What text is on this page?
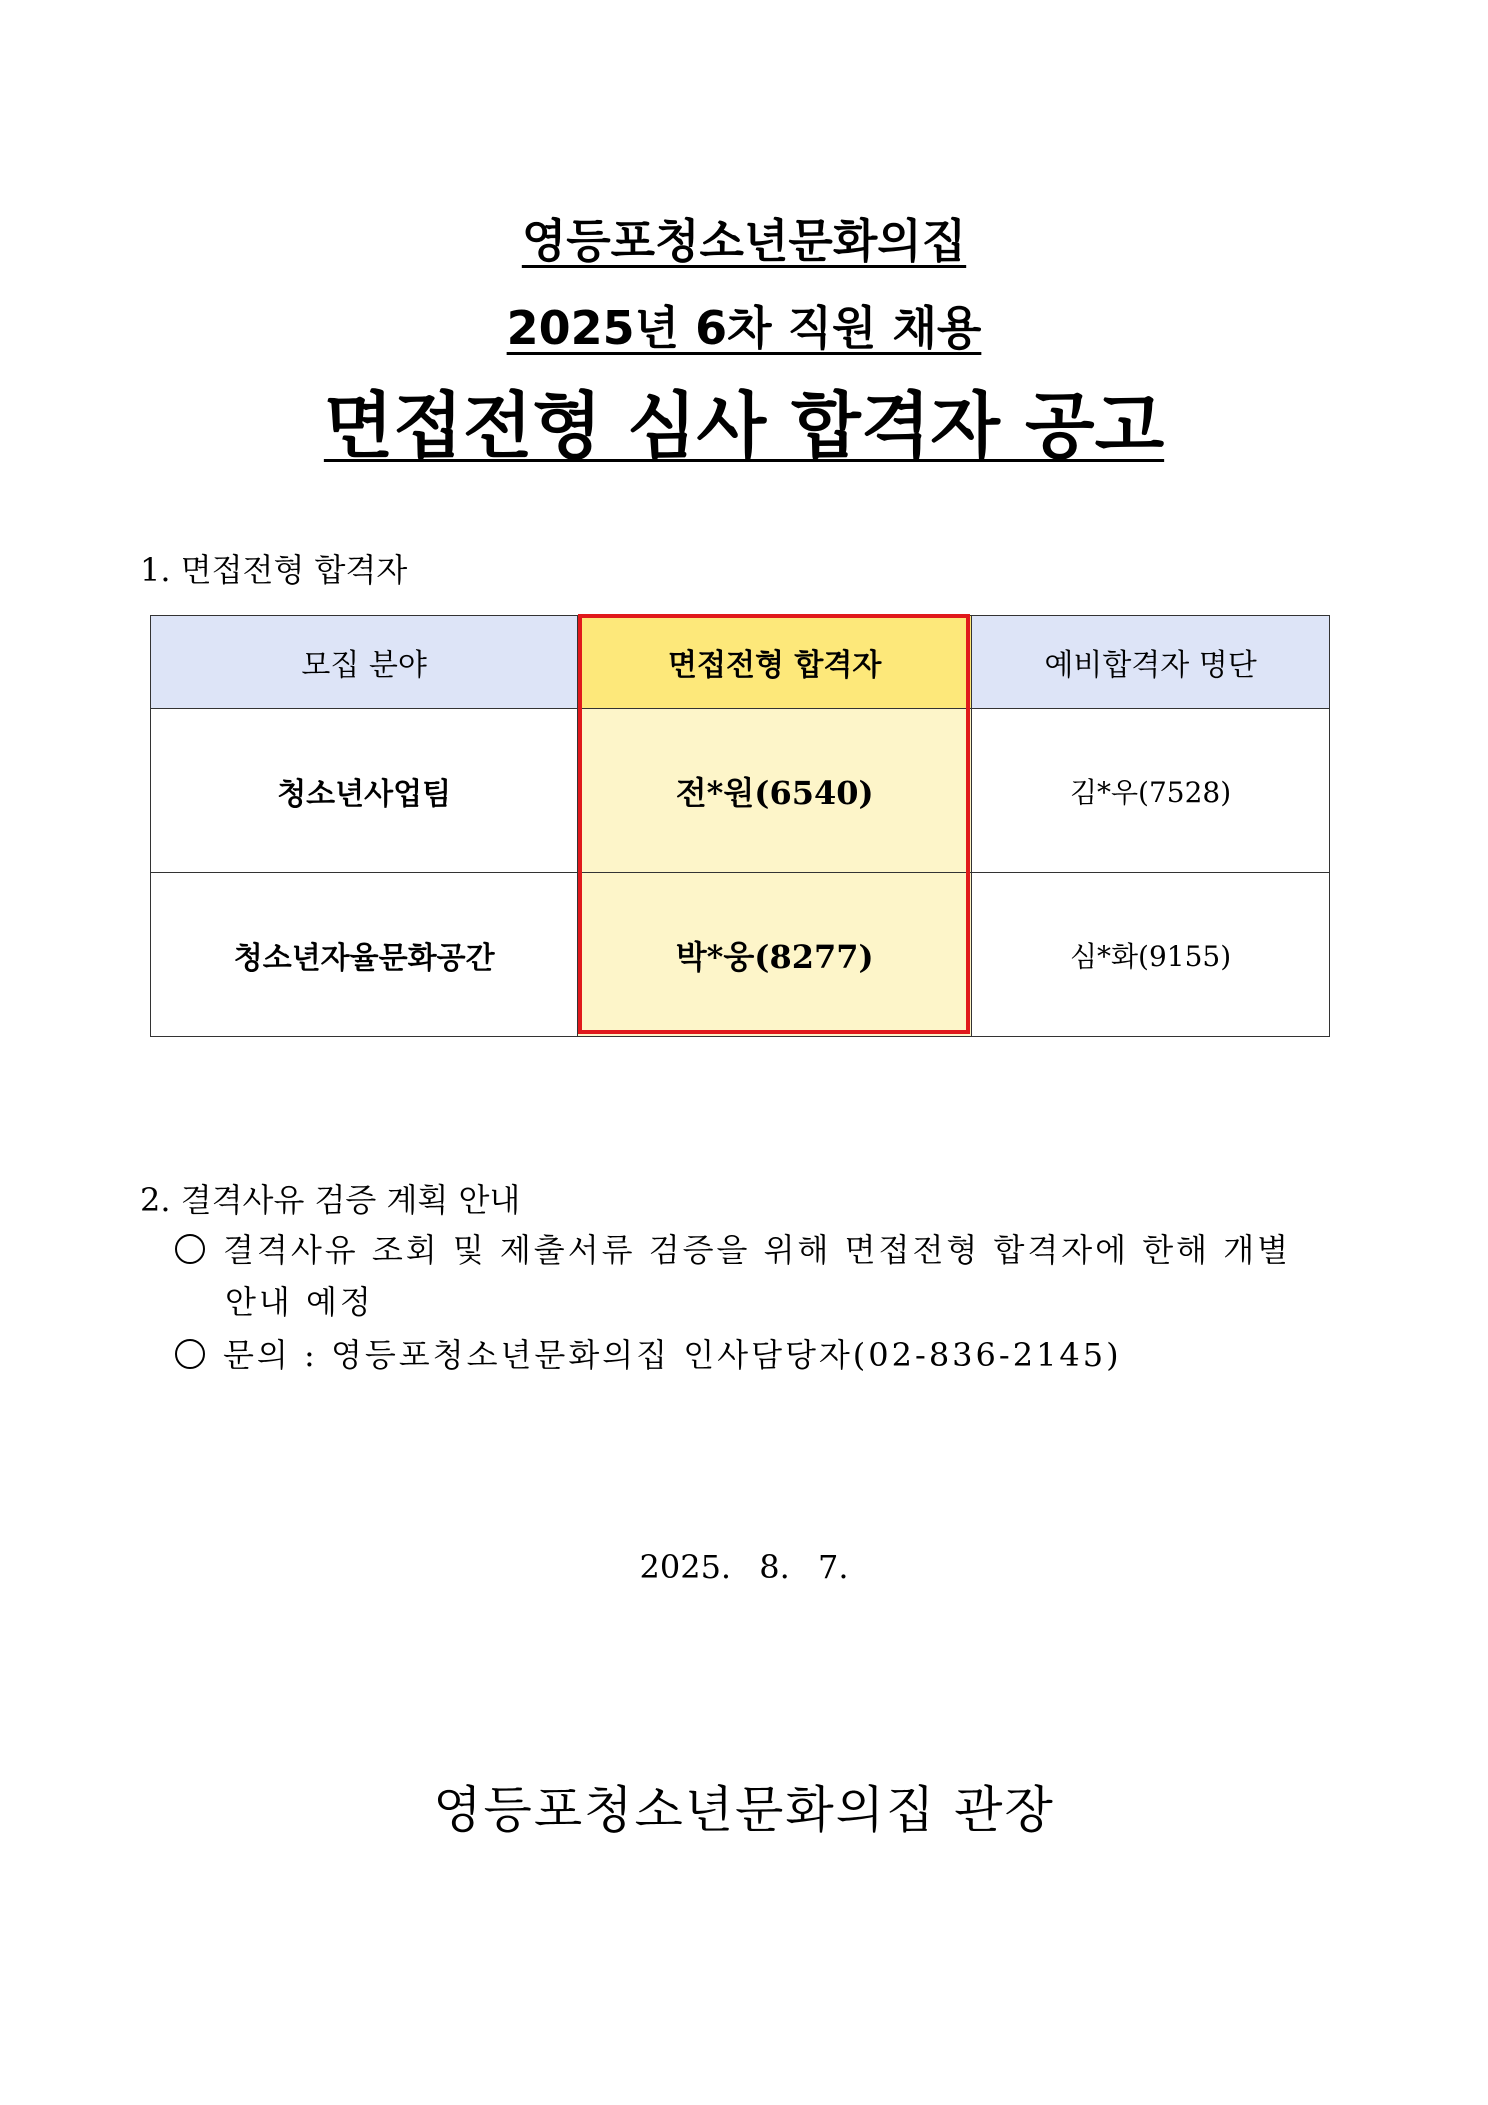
영등포청소년문화의집
2025년 6차 직원 채용
면접전형 심사 합격자 공고
1. 면접전형 합격자
모집 분야	면접전형 합격자	예비합격자 명단
청소년사업팀	전*원(6540)	김*우(7528)
청소년자율문화공간	박*웅(8277)	심*화(9155)
2. 결격사유 검증 계획 안내
결격사유 조회 및 제출서류 검증을 위해 면접전형 합격자에 한해 개별
안내 예정
문의 : 영등포청소년문화의집 인사담당자(02-836-2145)
2025. 8. 7.
영등포청소년문화의집 관장
